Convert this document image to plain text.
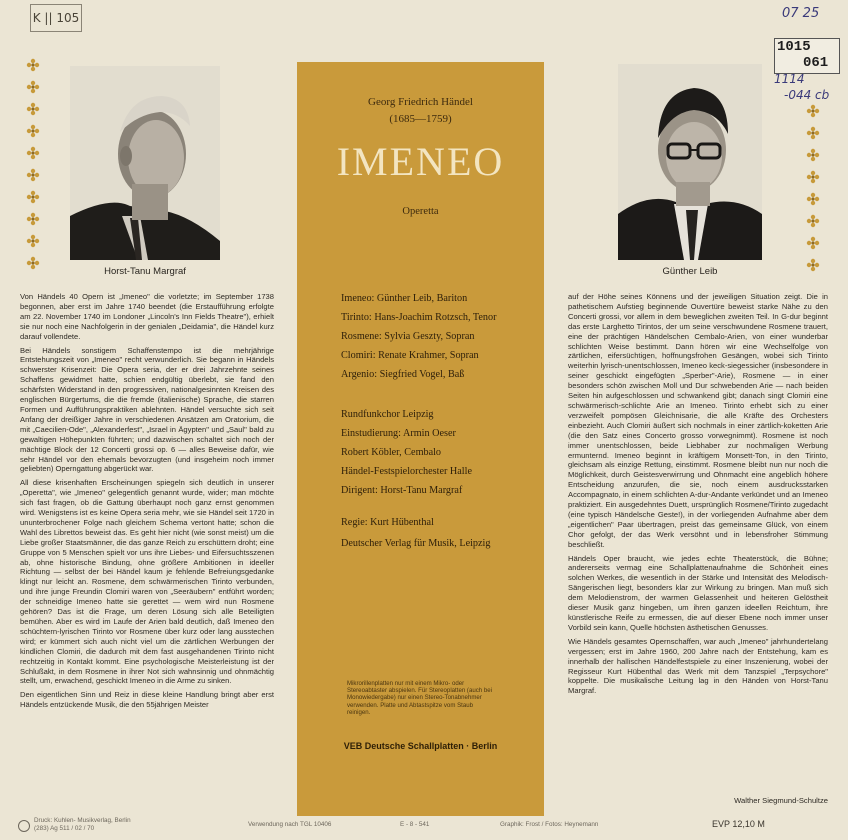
K || 105	07 25
1015
061
1114
-044 cb
Horst-Tanu Margraf	Günther Leib
Georg Friedrich Händel
(1685—1759)
IMENEO
Operetta
Imeneo: Günther Leib, Bariton
Tirinto: Hans-Joachim Rotzsch, Tenor
Rosmene: Sylvia Geszty, Sopran
Clomiri: Renate Krahmer, Sopran
Argenio: Siegfried Vogel, Baß
Rundfunkchor Leipzig
Einstudierung: Armin Oeser
Robert Köbler, Cembalo
Händel-Festspielorchester Halle
Dirigent: Horst-Tanu Margraf
Regie: Kurt Hübenthal
Deutscher Verlag für Musik, Leipzig
Mikrorillenplatten nur mit einem Mikro- oder Stereoabtaster abspielen. Für Stereoplatten (auch bei Monowiedergabe) nur einen Stereo-Tonabnehmer verwenden. Platte und Abtastspitze vom Staub reinigen.
VEB Deutsche Schallplatten · Berlin

Von Händels 40 Opern ist „Imeneo" die vorletzte; im September 1738 begonnen, aber erst im Jahre 1740 beendet (die Erstaufführung erfolgte am 22. November 1740 im Londoner „Lincoln's Inn Fields Theatre"), erhielt sie nur noch eine Nachfolgerin in der genialen „Deidamia", die Händel kurz darauf vollendete.

Bei Händels sonstigem Schaffenstempo ist die mehrjährige Entstehungszeit von „Imeneo" recht verwunderlich. Sie begann in Händels schwerster Krisenzeit: Die Opera seria, der er drei Jahrzehnte seines Schaffens gewidmet hatte, schien endgültig überlebt, sie fand den schärfsten Widerstand in den progressiven, nationalgesinnten Kreisen des englischen Bürgertums, die die fremde (italienische) Sprache, die starren Formen und Aufführungspraktiken ablehnten. Händel versuchte sich seit Anfang der dreißiger Jahre in verschiedenen Ansätzen am Oratorium, die mit „Caecilien-Ode", „Alexanderfest", „Israel in Ägypten" und „Saul" bald zu gewaltigen Höhepunkten führten; und dazwischen schaltet sich noch der mächtige Block der 12 Concerti grossi op. 6 — alles Beweise dafür, wie sehr Händel vor den ehemals bevorzugten (und insgeheim noch immer geliebten) Operngattung abgerückt war.

All diese krisenhaften Erscheinungen spiegeln sich deutlich in unserer „Operetta", wie „Imeneo" gelegentlich genannt wurde, wider; man möchte sich fast fragen, ob die Gattung überhaupt noch ganz ernst genommen wird. Wenigstens ist es keine Opera seria mehr, wie sie Händel seit 1720 in ununterbrochener Folge nach gleichem Schema vertont hatte; schon die Wahl des Librettos beweist das. Es geht hier nicht (wie sonst meist) um die Liebe großer Staatsmänner, die das ganze Reich zu erschüttern droht; eine Gruppe von 5 Menschen spielt vor uns ihre Liebes- und Eifersuchtsszenen ab, ohne historische Bindung, ohne größere Ambitionen in ideeller Richtung — selbst der bei Händel kaum je fehlende Befreiungsgedanke klingt nur leicht an. Rosmene, dem schwärmerischen Tirinto verbunden, und ihre junge Freundin Clomiri waren von „Seeräubern" entführt worden; der schneidige Imeneo hatte sie gerettet — wem wird nun Rosmene gehören? Das ist die Frage, um deren Lösung sich alle Beteiligten bemühen. Aber es wird im Laufe der Arien bald deutlich, daß Imeneo den schüchtern-lyrischen Tirinto vor Rosmene über kurz oder lang ausstechen wird; er kümmert sich auch nicht viel um die zärtlichen Werbungen der kindlichen Clomiri, die dadurch mit dem fast ausgehandenen Tirinto nicht rechtzeitig in Kontakt kommt. Eine psychologische Meisterleistung ist der Schlußakt, in dem Rosmene in ihrer Not sich wahnsinnig und ohnmächtig stellt, um, erwachend, geschickt Imeneo in die Arme zu sinken.

Den eigentlichen Sinn und Reiz in diese kleine Handlung bringt aber erst Händels entzückende Musik, die den 55jährigen Meister

auf der Höhe seines Könnens und der jeweiligen Situation zeigt. Die in pathetischem Aufstieg beginnende Ouvertüre beweist starke Nähe zu den Concerti grossi, vor allem in dem beweglichen zweiten Teil. In G-dur beginnt das erste Larghetto Tirintos, der um seine verschwundene Rosmene trauert, eine der prächtigen Händelschen Cembalo-Arien, von einer wunderbar schlichten Weise bestimmt. Dann hören wir eine Wechselfolge von zärtlichen, eifersüchtigen, hoffnungsfrohen Gesängen, wobei sich Tirinto weiterhin lyrisch-unentschlossen, Imeneo keck-siegessicher (insbesondere in seiner geschickt eingefügten „Sperber"-Arie), Rosmene — in einer besonders schön zwischen Moll und Dur schwebenden Arie — nach beiden Seiten hin aufgeschlossen und schwankend gibt; danach singt Clomiri eine schwärmerisch-schlichte Arie an Imeneo. Tirinto erhebt sich zu einer verzweifelt pompösen Gleichnisarie, die alle Kräfte des Orchesters einbezieht. Auch Clomiri äußert sich nochmals in einer zärtlich-koketten Arie (die den Satz eines Concerto grosso vorwegnimmt). Rosmene ist noch immer unentschlossen, beide Liebhaber zur nochmaligen Werbung ermunternd. Imeneo beginnt in kräftigem Monsett-Ton, in den Tirinto, gleichsam als einzige Rettung, einstimmt. Rosmene bleibt nun nur noch die Möglichkeit, durch Geistesverwirrung und Ohnmacht eine angeblich höhere Entscheidung anzurufen, die sie, noch einem ausdrucksstarken Accompagnato, in einem schlichten A-dur-Andante verkündet und an Imeneo praktiziert. Ein ausgedehntes Duett, ursprünglich Rosmene/Tirinto zugedacht (eine typisch Händelsche Geste!), in der vorliegenden Aufnahme aber dem „eigentlichen" Paar übertragen, preist das gemeinsame Glück, von einem Chor gefolgt, der das Werk versöhnt und in lebensfroher Stimmung beschließt.

Händels Oper braucht, wie jedes echte Theaterstück, die Bühne; andererseits vermag eine Schallplattenaufnahme die Schönheit eines solchen Werkes, die wesentlich in der Stärke und Intensität des Melodisch-Sängerischen liegt, besonders klar zur Wirkung zu bringen. Man muß sich dem Melodienstrom, der warmen Gelassenheit und heiteren Gelöstheit dieser Musik ganz hingeben, um ihren ganzen ideellen Reichtum, ihre künstlerische Reife zu ermessen, die auf dieser Ebene noch immer unser Vorbild sein kann, Quelle höchsten ästhetischen Genusses.

Wie Händels gesamtes Opernschaffen, war auch „Imeneo" jahrhundertelang vergessen; erst im Jahre 1960, 200 Jahre nach der Entstehung, kam es innerhalb der hallischen Händelfestspiele zu einer Inszenierung, wobei der Regisseur Kurt Hübenthal das Werk mit dem Tanzspiel „Terpsychore" koppelte. Die musikalische Leitung lag in den Händen von Horst-Tanu Margraf.

Walther Siegmund-Schultze
Druck: Kuhlen- Musikverlag, Berlin
(283) Ag 511 / 02 / 70
Verwendung nach TGL 10406	E - 8 - 541	Graphik: Frost / Fotos: Heynemann	EVP 12,10 M
